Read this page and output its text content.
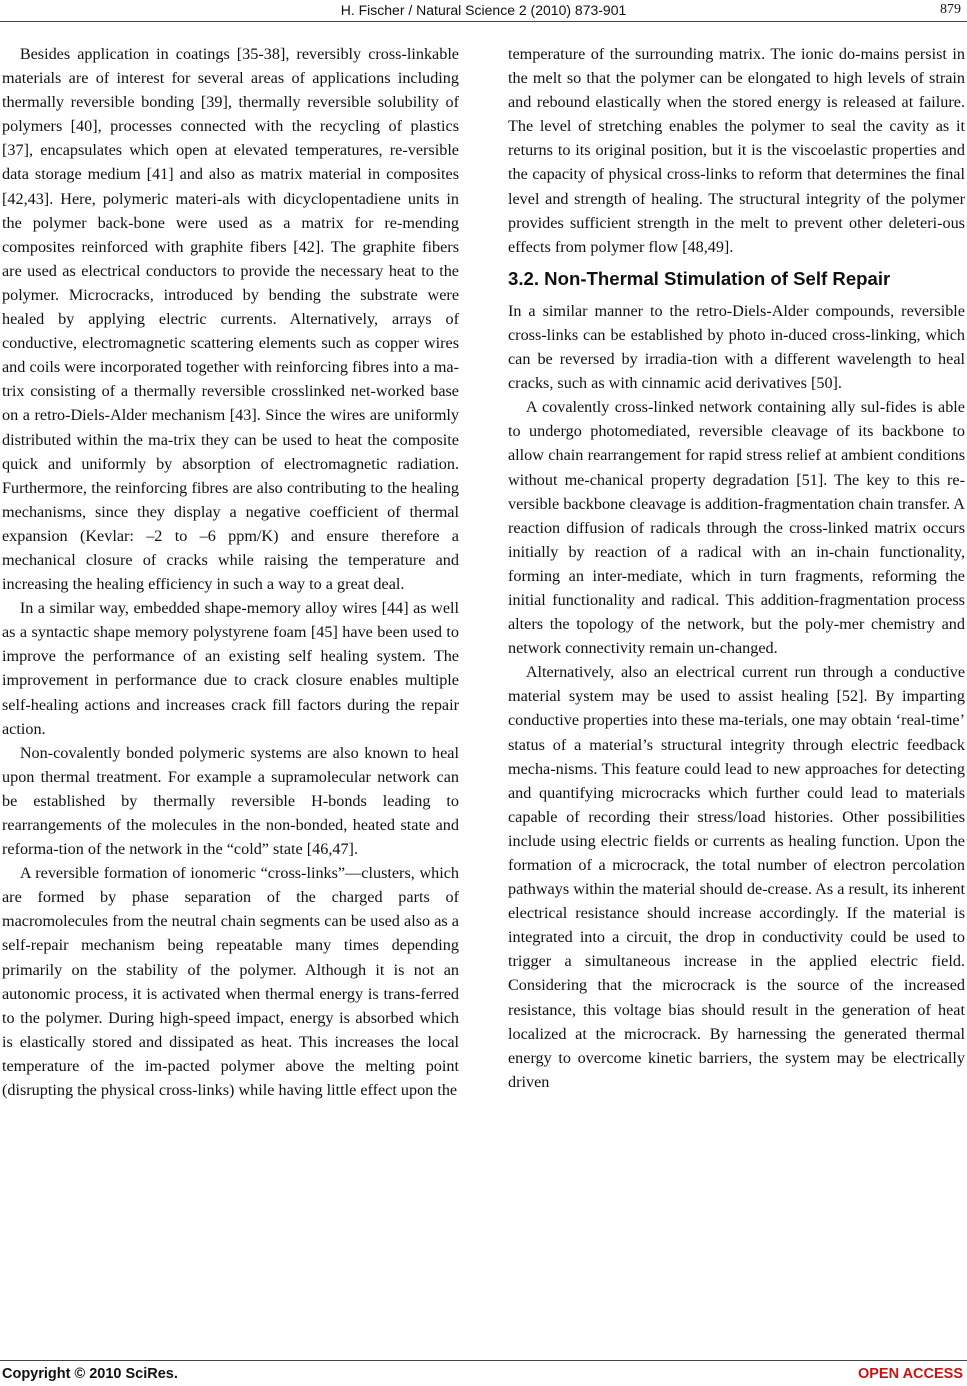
H. Fischer / Natural Science 2 (2010) 873-901	879

Besides application in coatings [35-38], reversibly cross-linkable materials are of interest for several areas of applications including thermally reversible bonding [39], thermally reversible solubility of polymers [40], processes connected with the recycling of plastics [37], encapsulates which open at elevated temperatures, re-versible data storage medium [41] and also as matrix material in composites [42,43]. Here, polymeric materi-als with dicyclopentadiene units in the polymer back-bone were used as a matrix for re-mending composites reinforced with graphite fibers [42]. The graphite fibers are used as electrical conductors to provide the necessary heat to the polymer. Microcracks, introduced by bending the substrate were healed by applying electric currents. Alternatively, arrays of conductive, electromagnetic scattering elements such as copper wires and coils were incorporated together with reinforcing fibres into a ma-trix consisting of a thermally reversible crosslinked net-worked base on a retro-Diels-Alder mechanism [43]. Since the wires are uniformly distributed within the ma-trix they can be used to heat the composite quick and uniformly by absorption of electromagnetic radiation. Furthermore, the reinforcing fibres are also contributing to the healing mechanisms, since they display a negative coefficient of thermal expansion (Kevlar: –2 to –6 ppm/K) and ensure therefore a mechanical closure of cracks while raising the temperature and increasing the healing efficiency in such a way to a great deal.

In a similar way, embedded shape-memory alloy wires [44] as well as a syntactic shape memory polystyrene foam [45] have been used to improve the performance of an existing self healing system. The improvement in performance due to crack closure enables multiple self-healing actions and increases crack fill factors during the repair action.

Non-covalently bonded polymeric systems are also known to heal upon thermal treatment. For example a supramolecular network can be established by thermally reversible H-bonds leading to rearrangements of the molecules in the non-bonded, heated state and reforma-tion of the network in the “cold” state [46,47].

A reversible formation of ionomeric “cross-links”―clusters, which are formed by phase separation of the charged parts of macromolecules from the neutral chain segments can be used also as a self-repair mechanism being repeatable many times depending primarily on the stability of the polymer. Although it is not an autonomic process, it is activated when thermal energy is trans-ferred to the polymer. During high-speed impact, energy is absorbed which is elastically stored and dissipated as heat. This increases the local temperature of the im-pacted polymer above the melting point (disrupting the physical cross-links) while having little effect upon the

temperature of the surrounding matrix. The ionic do-mains persist in the melt so that the polymer can be elongated to high levels of strain and rebound elastically when the stored energy is released at failure. The level of stretching enables the polymer to seal the cavity as it returns to its original position, but it is the viscoelastic properties and the capacity of physical cross-links to reform that determines the final level and strength of healing. The structural integrity of the polymer provides sufficient strength in the melt to prevent other deleteri-ous effects from polymer flow [48,49].

3.2. Non-Thermal Stimulation of Self Repair

In a similar manner to the retro-Diels-Alder compounds, reversible cross-links can be established by photo in-duced cross-linking, which can be reversed by irradia-tion with a different wavelength to heal cracks, such as with cinnamic acid derivatives [50].

A covalently cross-linked network containing ally sul-fides is able to undergo photomediated, reversible cleavage of its backbone to allow chain rearrangement for rapid stress relief at ambient conditions without me-chanical property degradation [51]. The key to this re-versible backbone cleavage is addition-fragmentation chain transfer. A reaction diffusion of radicals through the cross-linked matrix occurs initially by reaction of a radical with an in-chain functionality, forming an inter-mediate, which in turn fragments, reforming the initial functionality and radical. This addition-fragmentation process alters the topology of the network, but the poly-mer chemistry and network connectivity remain un-changed.

Alternatively, also an electrical current run through a conductive material system may be used to assist healing [52]. By imparting conductive properties into these ma-terials, one may obtain ‘real-time’ status of a material’s structural integrity through electric feedback mecha-nisms. This feature could lead to new approaches for detecting and quantifying microcracks which further could lead to materials capable of recording their stress/load histories. Other possibilities include using electric fields or currents as healing function. Upon the formation of a microcrack, the total number of electron percolation pathways within the material should de-crease. As a result, its inherent electrical resistance should increase accordingly. If the material is integrated into a circuit, the drop in conductivity could be used to trigger a simultaneous increase in the applied electric field. Considering that the microcrack is the source of the increased resistance, this voltage bias should result in the generation of heat localized at the microcrack. By harnessing the generated thermal energy to overcome kinetic barriers, the system may be electrically driven

Copyright © 2010 SciRes.	OPEN ACCESS
